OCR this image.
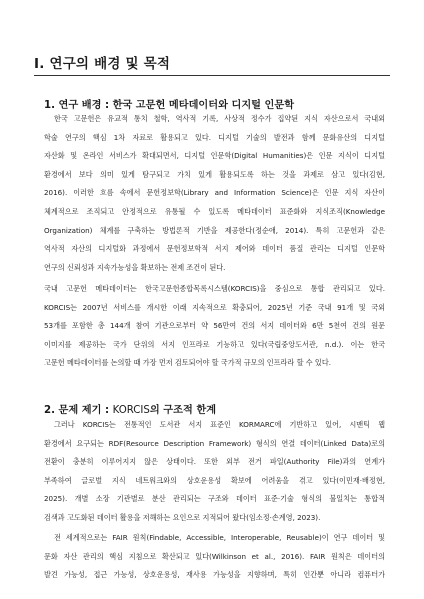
Ⅰ. 연구의 배경 및 목적
1. 연구 배경 : 한국 고문헌 메타데이터와 디지털 인문학
한국 고문헌은 유교적 통치 철학, 역사적 기록, 사상적 정수가 집약된 지식 자산으로서 국내외
학술 연구의 핵심 1차 자료로 활용되고 있다. 디지털 기술의 발전과 함께 문화유산의 디지털
자산화 및 온라인 서비스가 확대되면서, 디지털 인문학(Digital Humanities)은 인문 지식이 디지털
환경에서 보다 의미 있게 탐구되고 가치 있게 활용되도록 하는 것을 과제로 삼고 있다(김현,
2016). 이러한 흐름 속에서 문헌정보학(Library and Information Science)은 인문 지식 자산이
체계적으로 조직되고 안정적으로 유통될 수 있도록 메타데이터 표준화와 지식조직(Knowledge
Organization) 체계를 구축하는 방법론적 기반을 제공한다(정순애, 2014). 특히 고문헌과 같은
역사적 자산의 디지털화 과정에서 문헌정보학적 서지 제어와 데이터 품질 관리는 디지털 인문학
연구의 신뢰성과 지속가능성을 확보하는 전제 조건이 된다.
국내 고문헌 메타데이터는 한국고문헌종합목록시스템(KORCIS)을 중심으로 통합 관리되고 있다.
KORCIS는 2007년 서비스를 개시한 이래 지속적으로 확충되어, 2025년 기준 국내 91개 및 국외
53개를 포함한 총 144개 참여 기관으로부터 약 56만여 건의 서지 데이터와 6만 5천여 건의 원문
이미지를 제공하는 국가 단위의 서지 인프라로 기능하고 있다(국립중앙도서관, n.d.). 이는 한국
고문헌 메타데이터를 논의할 때 가장 먼저 검토되어야 할 국가적 규모의 인프라라 할 수 있다.
2. 문제 제기 : KORCIS의 구조적 한계
그러나 KORCIS는 전통적인 도서관 서지 표준인 KORMARC에 기반하고 있어, 시맨틱 웹
환경에서 요구되는 RDF(Resource Description Framework) 형식의 연결 데이터(Linked Data)로의
전환이 충분히 이루어지지 않은 상태이다. 또한 외부 전거 파일(Authority File)과의 연계가
부족하여 글로벌 지식 네트워크와의 상호운용성 확보에 어려움을 겪고 있다(이민재·배정현,
2025). 개별 소장 기관별로 분산 관리되는 구조와 데이터 표준·기술 형식의 불일치는 통합적
검색과 고도화된 데이터 활용을 저해하는 요인으로 지적되어 왔다(임소정·손계영, 2023).
전 세계적으로는 FAIR 원칙(Findable, Accessible, Interoperable, Reusable)이 연구 데이터 및
문화 자산 관리의 핵심 지침으로 확산되고 있다(Wilkinson et al., 2016). FAIR 원칙은 데이터의
발견 가능성, 접근 가능성, 상호운용성, 재사용 가능성을 지향하며, 특히 인간뿐 아니라 컴퓨터가
